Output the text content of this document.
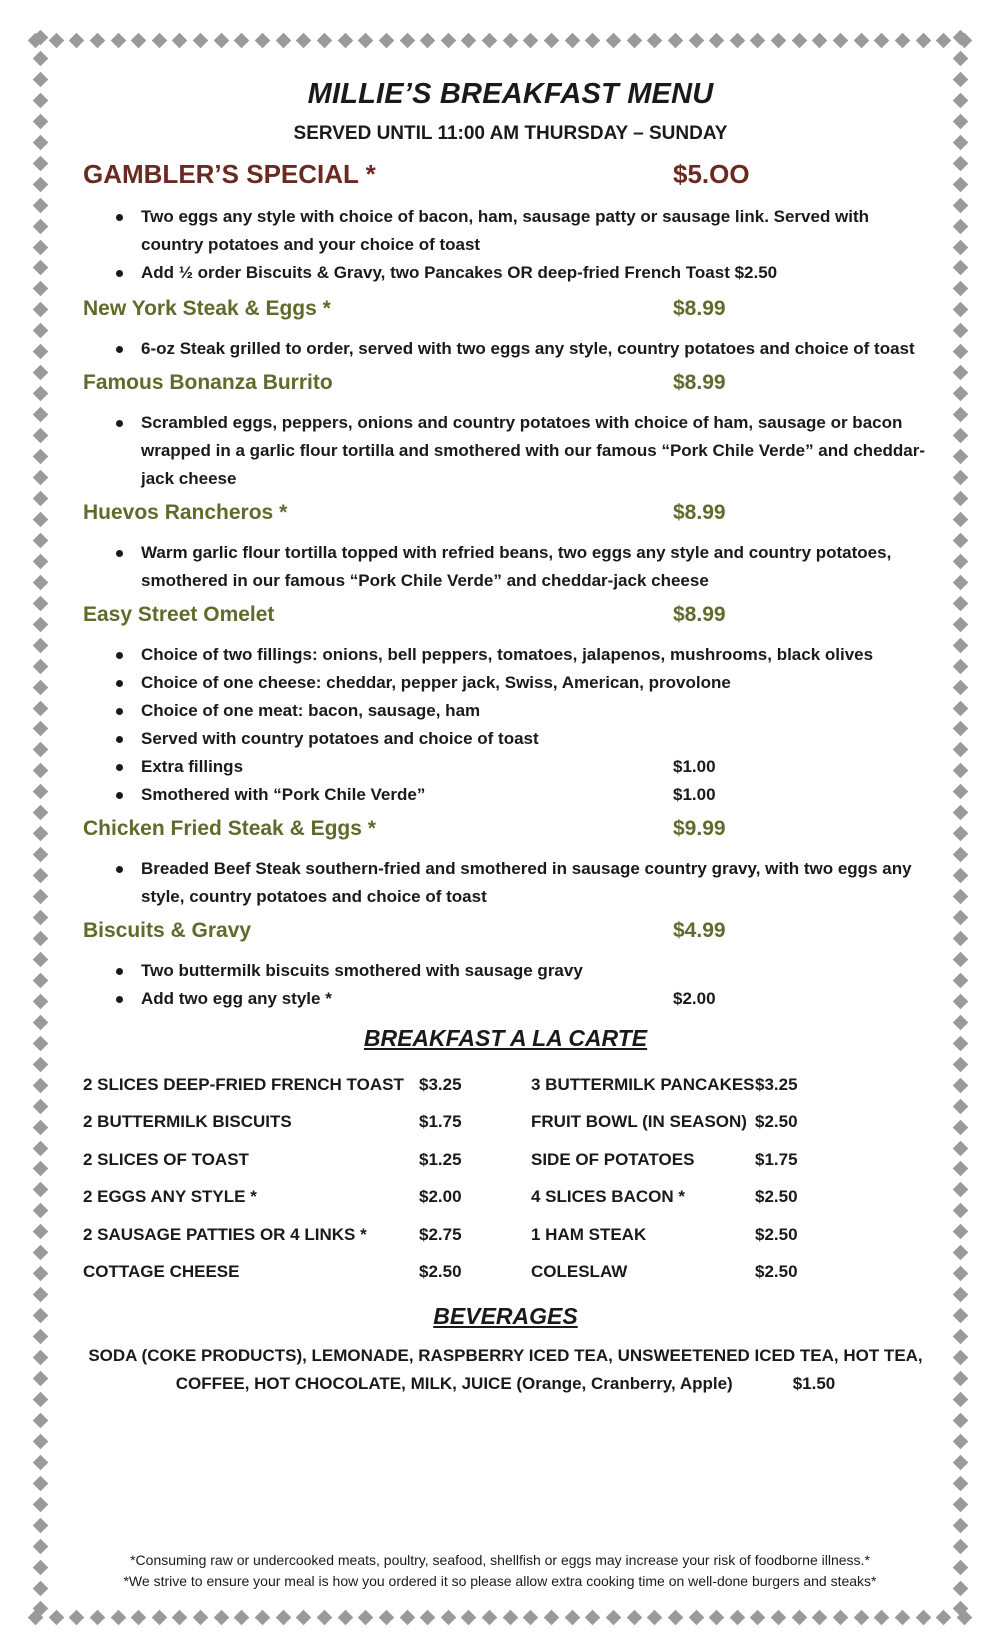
MILLIE’S BREAKFAST MENU
SERVED UNTIL 11:00 AM THURSDAY – SUNDAY
GAMBLER’S SPECIAL *	$5.OO
Two eggs any style with choice of bacon, ham, sausage patty or sausage link. Served with country potatoes and your choice of toast
Add ½ order Biscuits & Gravy, two Pancakes OR deep-fried French Toast $2.50
New York Steak & Eggs *	$8.99
6-oz Steak grilled to order, served with two eggs any style, country potatoes and choice of toast
Famous Bonanza Burrito	$8.99
Scrambled eggs, peppers, onions and country potatoes with choice of ham, sausage or bacon wrapped in a garlic flour tortilla and smothered with our famous “Pork Chile Verde” and cheddar-jack cheese
Huevos Rancheros *	$8.99
Warm garlic flour tortilla topped with refried beans, two eggs any style and country potatoes, smothered in our famous “Pork Chile Verde” and cheddar-jack cheese
Easy Street Omelet	$8.99
Choice of two fillings: onions, bell peppers, tomatoes, jalapenos, mushrooms, black olives
Choice of one cheese: cheddar, pepper jack, Swiss, American, provolone
Choice of one meat: bacon, sausage, ham
Served with country potatoes and choice of toast
Extra fillings	$1.00
Smothered with “Pork Chile Verde”	$1.00
Chicken Fried Steak & Eggs *	$9.99
Breaded Beef Steak southern-fried and smothered in sausage country gravy, with two eggs any style, country potatoes and choice of toast
Biscuits & Gravy	$4.99
Two buttermilk biscuits smothered with sausage gravy
Add two egg any style *	$2.00
BREAKFAST A LA CARTE
2 SLICES DEEP-FRIED FRENCH TOAST	$3.25	3 BUTTERMILK PANCAKES	$3.25
2 BUTTERMILK BISCUITS	$1.75	FRUIT BOWL (IN SEASON)	$2.50
2 SLICES OF TOAST	$1.25	SIDE OF POTATOES	$1.75
2 EGGS ANY STYLE *	$2.00	4 SLICES BACON *	$2.50
2 SAUSAGE PATTIES OR 4 LINKS *	$2.75	1 HAM STEAK	$2.50
COTTAGE CHEESE	$2.50	COLESLAW	$2.50
BEVERAGES
SODA (COKE PRODUCTS), LEMONADE, RASPBERRY ICED TEA, UNSWEETENED ICED TEA, HOT TEA,
COFFEE, HOT CHOCOLATE, MILK, JUICE (Orange, Cranberry, Apple)	$1.50
*Consuming raw or undercooked meats, poultry, seafood, shellfish or eggs may increase your risk of foodborne illness.*
*We strive to ensure your meal is how you ordered it so please allow extra cooking time on well-done burgers and steaks*
